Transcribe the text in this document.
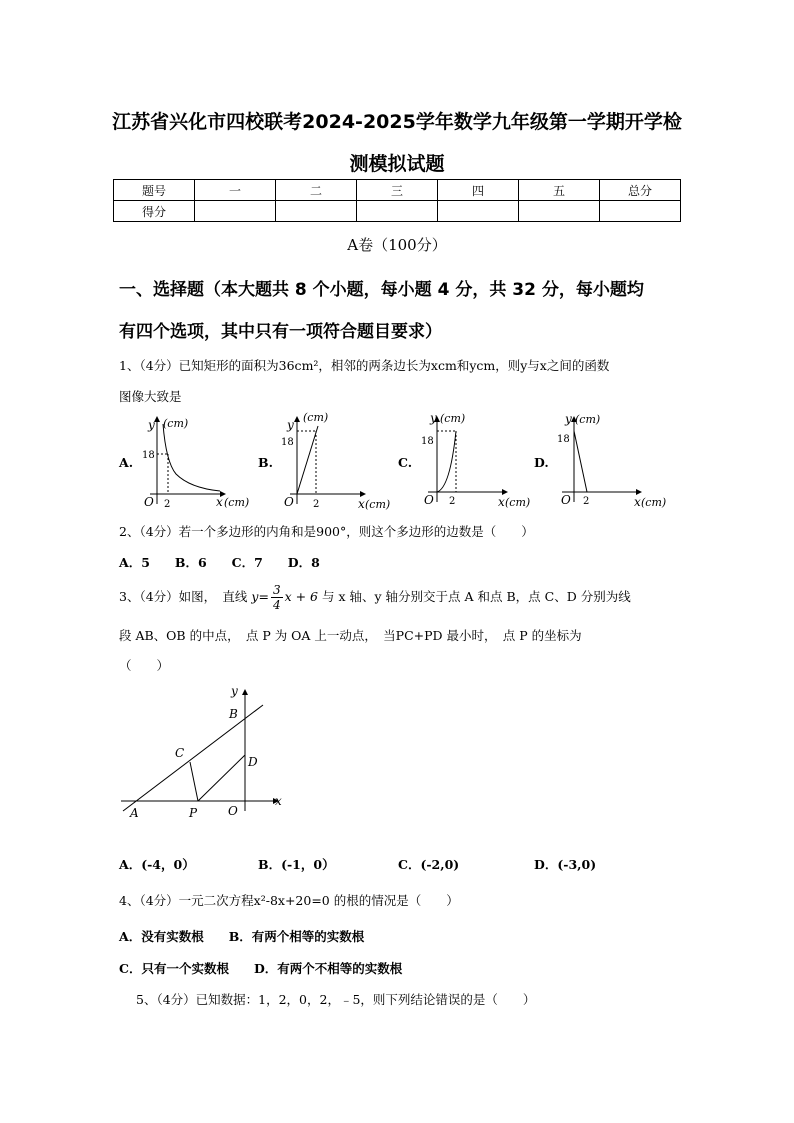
江苏省兴化市四校联考2024-2025学年数学九年级第一学期开学检
测模拟试题
题号	一	二	三	四	五	总分
得分						
A卷（100分）
一、选择题（本大题共 8 个小题，每小题 4 分，共 32 分，每小题均
有四个选项，其中只有一项符合题目要求）
1、（4分）已知矩形的面积为36cm²，相邻的两条边长为xcm和ycm，则y与x之间的函数
图像大致是
A.	B.	C.	D.
y (cm)
18
O 2	x (cm)
y
(cm)
18
O 2	x (cm)
y (cm)
18
O 2	x (cm)
y (cm)
18
O 2	x (cm)
2、（4分）若一个多边形的内角和是900°，则这个多边形的边数是（　　）
A．5　　B．6　　C．7　　D．8
3、（4分）如图，　直线 $y= \frac{3}{4}$ x + 6 与 x 轴、y 轴分别交于点 A 和点 B，点 C、D 分别为线
段 AB、OB 的中点，　点 P 为 OA 上一动点，　当PC+PD 最小时，　点 P 的坐标为
（　　）
y
B
C
D
x
A	P	O
A．(-4，0）	B．(-1，0）	C．(-2,0)	D．(-3,0)
4、（4分）一元二次方程x²-8x+20=0 的根的情况是（　　）
A．没有实数根　　B．有两个相等的实数根
C．只有一个实数根　　D．有两个不相等的实数根
5、（4分）已知数据：1，2，0，2，﹣5，则下列结论错误的是（　　）
